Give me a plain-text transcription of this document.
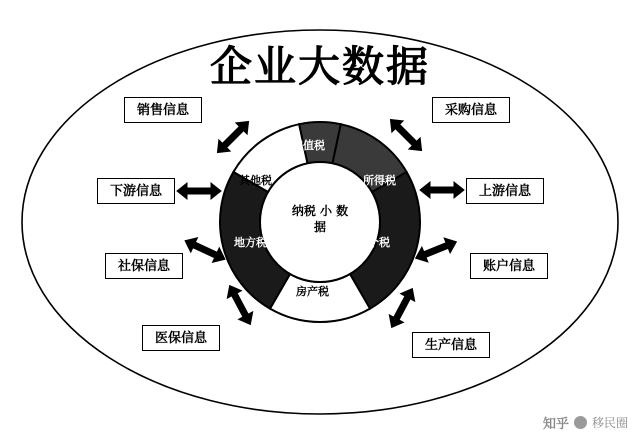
企业大数据
增值税
所得税
个税
房产税
地方税
其他税
纳税 小 数
据
销售信息
下游信息
社保信息
医保信息
采购信息
上游信息
账户信息
生产信息
知乎 移民圈
